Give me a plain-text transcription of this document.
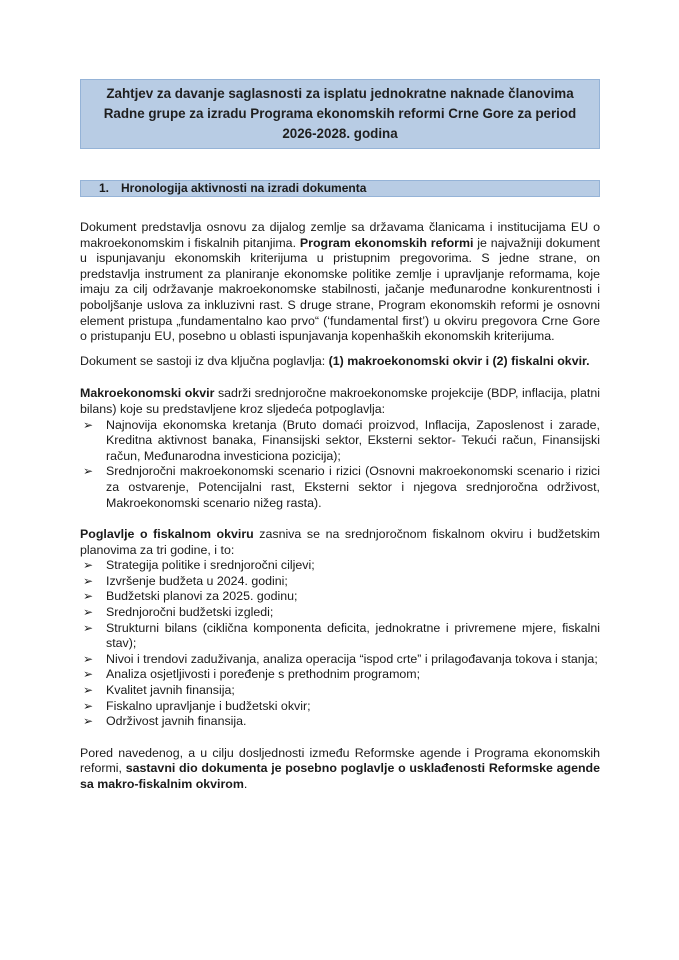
Zahtjev za davanje saglasnosti za isplatu jednokratne naknade članovima
Radne grupe za izradu Programa ekonomskih reformi Crne Gore za period
2026-2028. godina
1. Hronologija aktivnosti na izradi dokumenta

Dokument predstavlja osnovu za dijalog zemlje sa državama članicama i institucijama EU o makroekonomskim i fiskalnih pitanjima. Program ekonomskih reformi je najvažniji dokument u ispunjavanju ekonomskih kriterijuma u pristupnim pregovorima. S jedne strane, on predstavlja instrument za planiranje ekonomske politike zemlje i upravljanje reformama, koje imaju za cilj održavanje makroekonomske stabilnosti, jačanje međunarodne konkurentnosti i poboljšanje uslova za inkluzivni rast. S druge strane, Program ekonomskih reformi je osnovni element pristupa „fundamentalno kao prvo“ (‘fundamental first’) u okviru pregovora Crne Gore o pristupanju EU, posebno u oblasti ispunjavanja kopenhaških ekonomskih kriterijuma.

Dokument se sastoji iz dva ključna poglavlja: (1) makroekonomski okvir i (2) fiskalni okvir.

Makroekonomski okvir sadrži srednjoročne makroekonomske projekcije (BDP, inflacija, platni bilans) koje su predstavljene kroz sljedeća potpoglavlja:

➢ Najnovija ekonomska kretanja (Bruto domaći proizvod, Inflacija, Zaposlenost i zarade, Kreditna aktivnost banaka, Finansijski sektor, Eksterni sektor- Tekući račun, Finansijski račun, Međunarodna investiciona pozicija);
➢ Srednjoročni makroekonomski scenario i rizici (Osnovni makroekonomski scenario i rizici za ostvarenje, Potencijalni rast, Eksterni sektor i njegova srednjoročna održivost, Makroekonomski scenario nižeg rasta).

Poglavlje o fiskalnom okviru zasniva se na srednjoročnom fiskalnom okviru i budžetskim planovima za tri godine, i to:

➢ Strategija politike i srednjoročni ciljevi;
➢ Izvršenje budžeta u 2024. godini;
➢ Budžetski planovi za 2025. godinu;
➢ Srednjoročni budžetski izgledi;
➢ Strukturni bilans (ciklična komponenta deficita, jednokratne i privremene mjere, fiskalni stav);
➢ Nivoi i trendovi zaduživanja, analiza operacija “ispod crte” i prilagođavanja tokova i stanja;
➢ Analiza osjetljivosti i poređenje s prethodnim programom;
➢ Kvalitet javnih finansija;
➢ Fiskalno upravljanje i budžetski okvir;
➢ Održivost javnih finansija.

Pored navedenog, a u cilju dosljednosti između Reformske agende i Programa ekonomskih reformi, sastavni dio dokumenta je posebno poglavlje o usklađenosti Reformske agende sa makro-fiskalnim okvirom.
